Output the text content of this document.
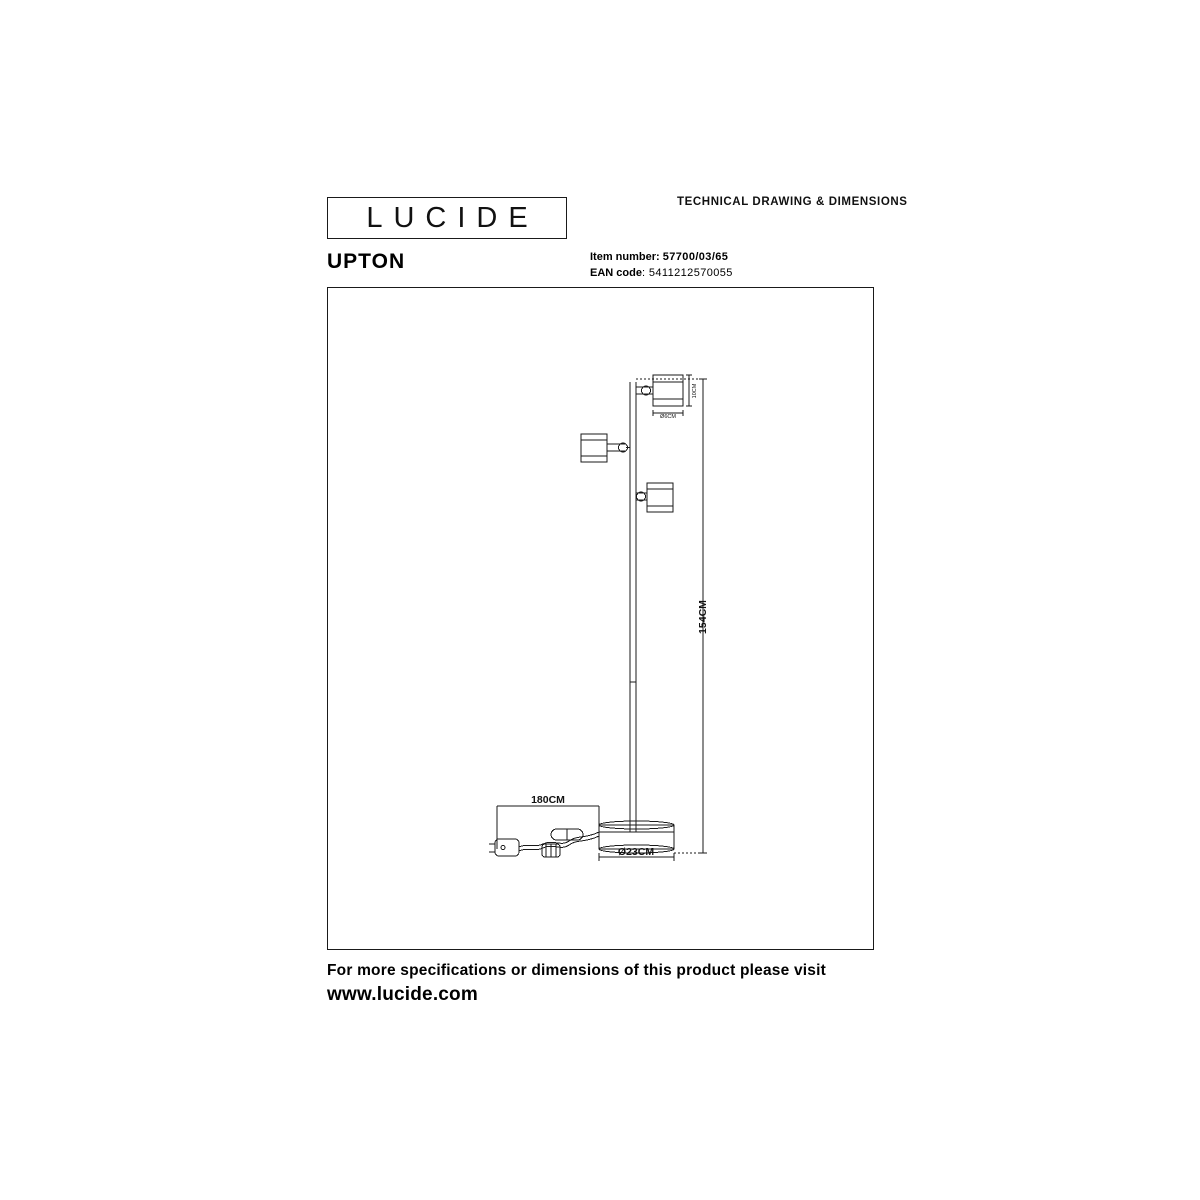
LUCIDE	TECHNICAL DRAWING & DIMENSIONS
UPTON	Item number: 57700/03/65
EAN code: 5411212570055
154CM
180CM
Ø23CM
10CM
Ø6CM
For more specifications or dimensions of this product please visit
www.lucide.com
